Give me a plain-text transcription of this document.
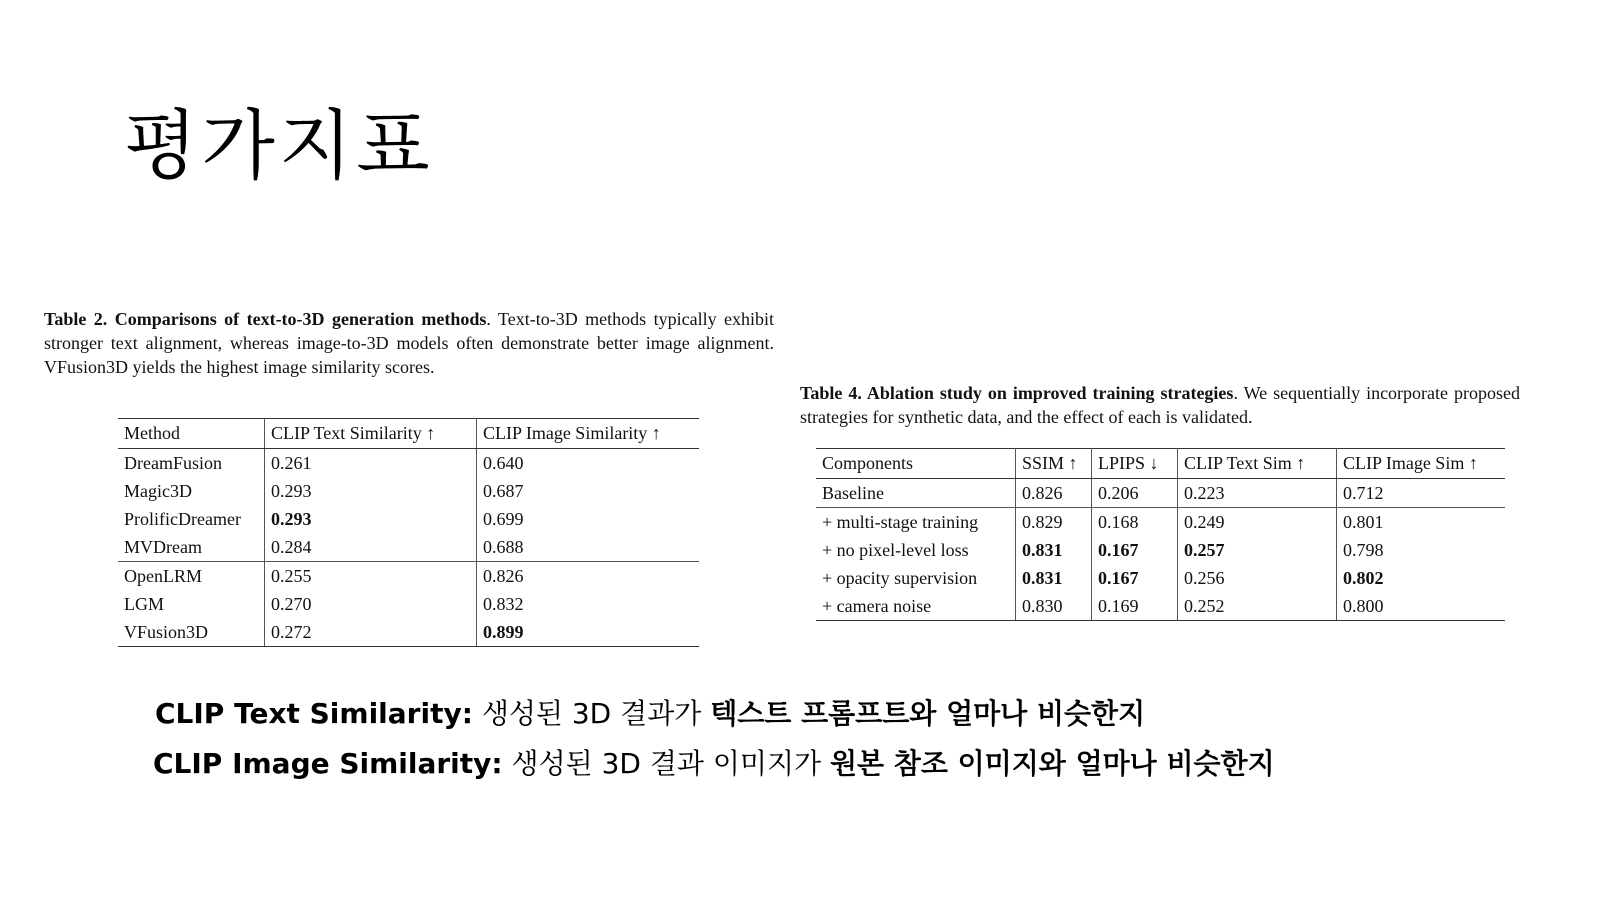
평가지표
Table 2. Comparisons of text-to-3D generation methods. Text-to-3D methods typically exhibit stronger text alignment, whereas image-to-3D models often demonstrate better image alignment. VFusion3D yields the highest image similarity scores.
Method	CLIP Text Similarity ↑	CLIP Image Similarity ↑
DreamFusion	0.261	0.640
Magic3D	0.293	0.687
ProlificDreamer	0.293	0.699
MVDream	0.284	0.688
OpenLRM	0.255	0.826
LGM	0.270	0.832
VFusion3D	0.272	0.899
Table 4. Ablation study on improved training strategies. We sequentially incorporate proposed strategies for synthetic data, and the effect of each is validated.
Components	SSIM ↑	LPIPS ↓	CLIP Text Sim ↑	CLIP Image Sim ↑
Baseline	0.826	0.206	0.223	0.712
+ multi-stage training	0.829	0.168	0.249	0.801
+ no pixel-level loss	0.831	0.167	0.257	0.798
+ opacity supervision	0.831	0.167	0.256	0.802
+ camera noise	0.830	0.169	0.252	0.800
CLIP Text Similarity: 생성된 3D 결과가 텍스트 프롬프트와 얼마나 비슷한지
CLIP Image Similarity: 생성된 3D 결과 이미지가 원본 참조 이미지와 얼마나 비슷한지
